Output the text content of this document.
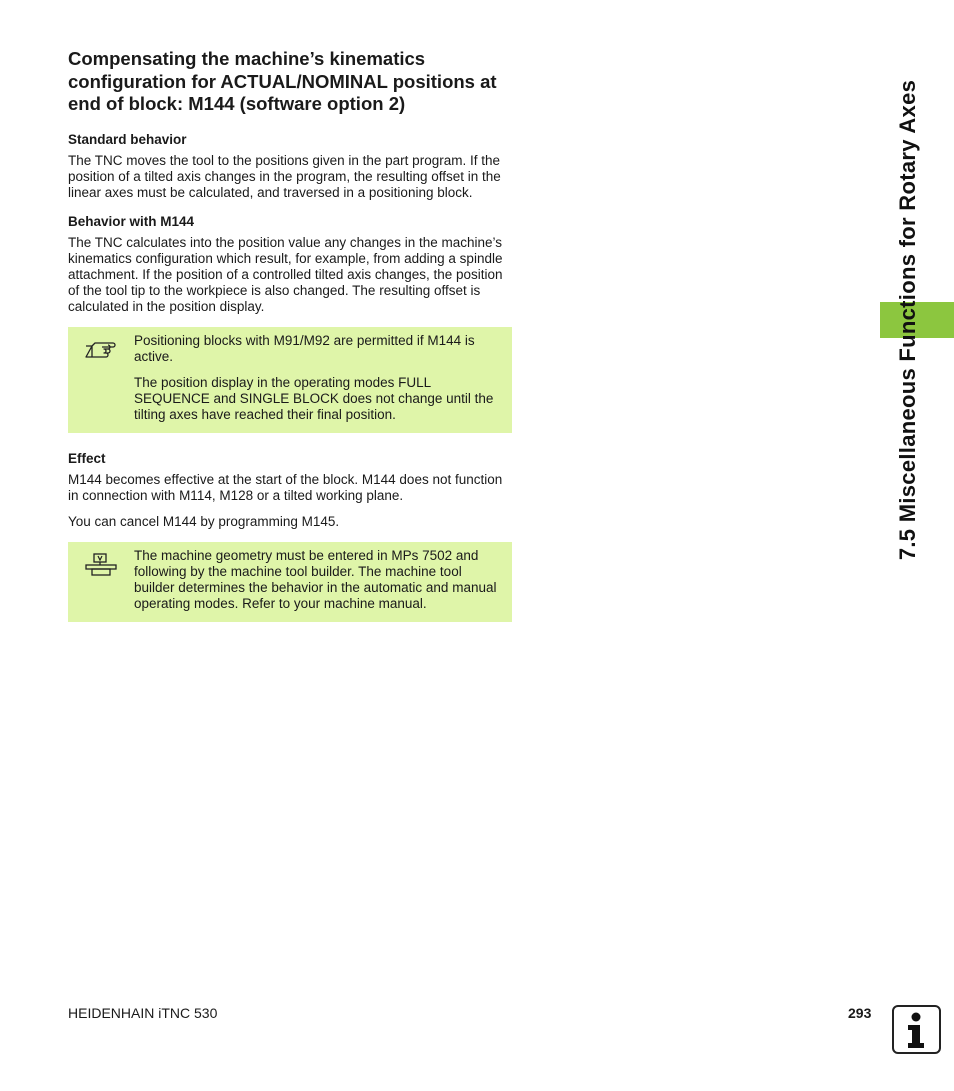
Compensating the machine’s kinematics configuration for ACTUAL/NOMINAL positions at end of block: M144 (software option 2)
Standard behavior

The TNC moves the tool to the positions given in the part program. If the position of a tilted axis changes in the program, the resulting offset in the linear axes must be calculated, and traversed in a positioning block.

Behavior with M144

The TNC calculates into the position value any changes in the machine’s kinematics configuration which result, for example, from adding a spindle attachment. If the position of a controlled tilted axis changes, the position of the tool tip to the workpiece is also changed. The resulting offset is calculated in the position display.

Positioning blocks with M91/M92 are permitted if M144 is active.

The position display in the operating modes FULL SEQUENCE and SINGLE BLOCK does not change until the tilting axes have reached their final position.

Effect

M144 becomes effective at the start of the block. M144 does not function in connection with M114, M128 or a tilted working plane.

You can cancel M144 by programming M145.

The machine geometry must be entered in MPs 7502 and following by the machine tool builder. The machine tool builder determines the behavior in the automatic and manual operating modes. Refer to your machine manual.

7.5 Miscellaneous Functions for Rotary Axes
HEIDENHAIN iTNC 530	293
